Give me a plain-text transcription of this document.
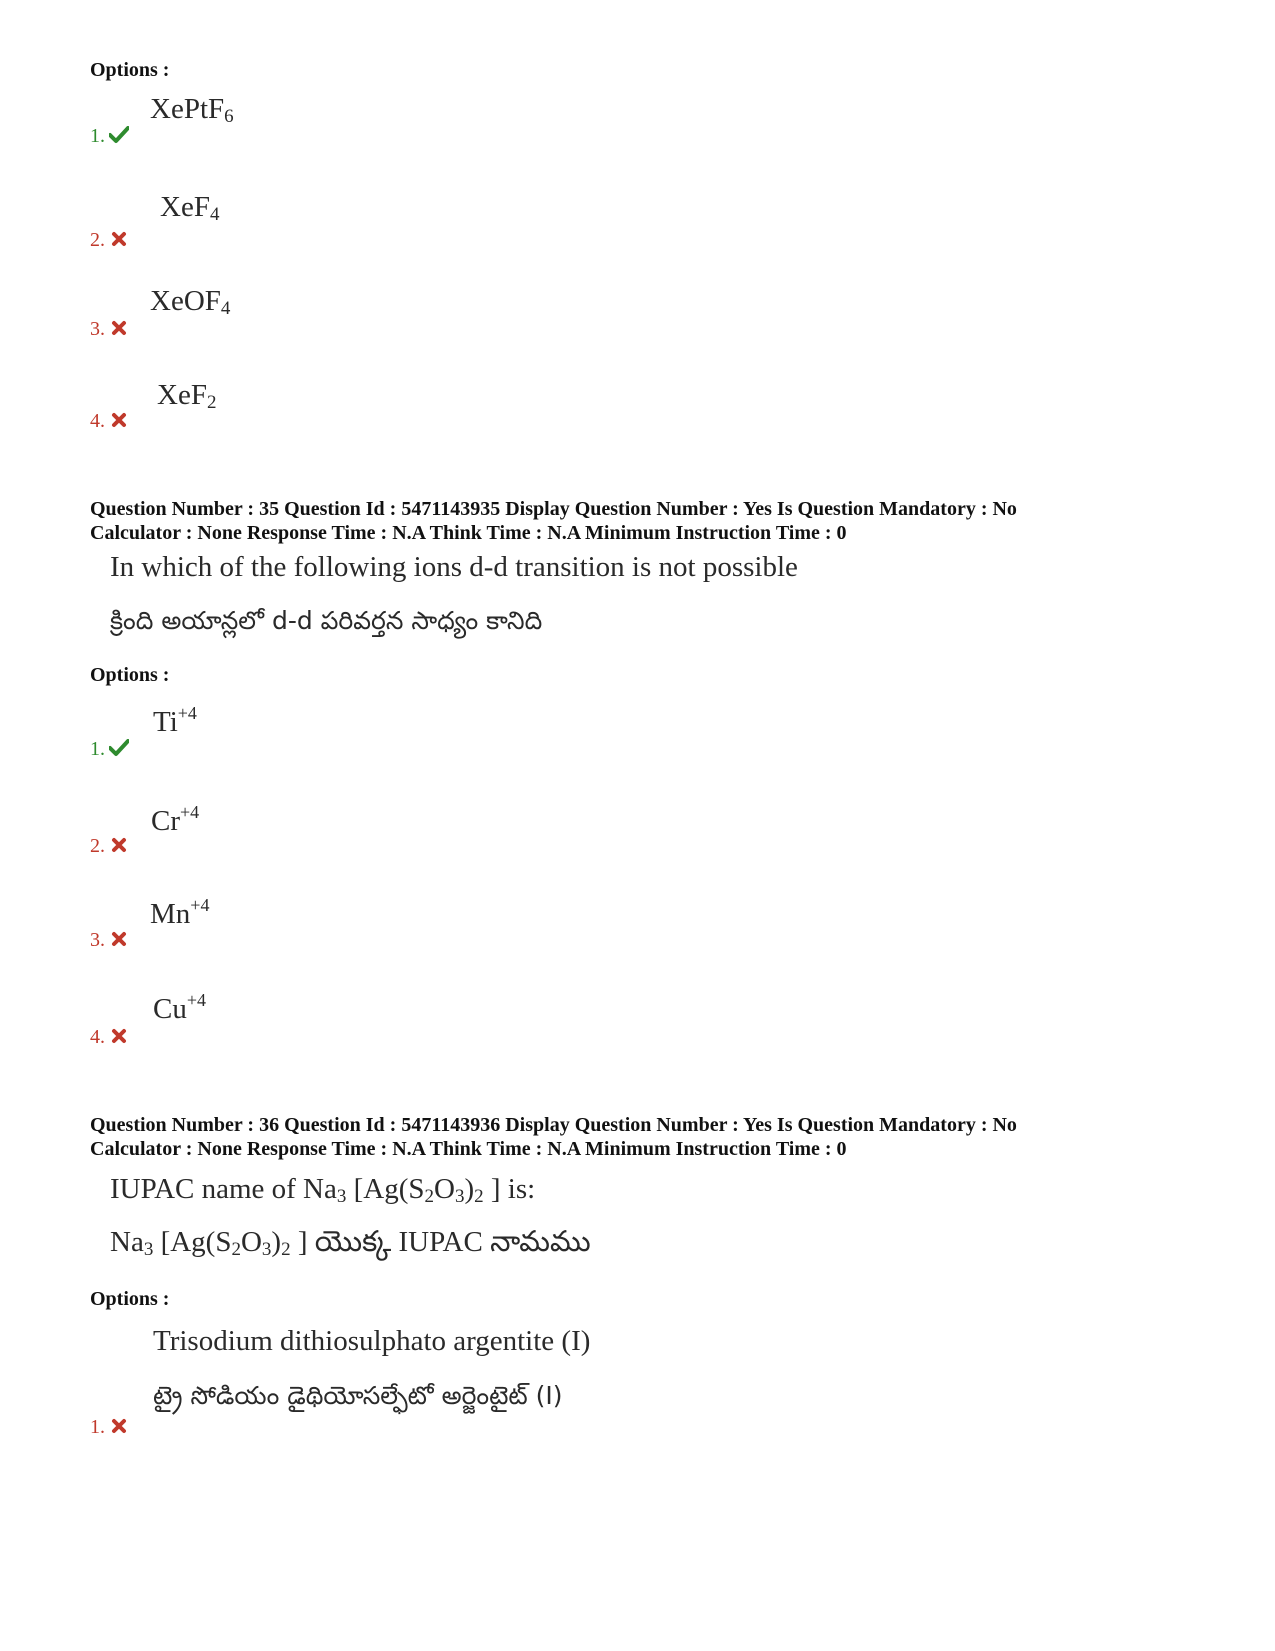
Options :
XePtF$_6$
1.
XeF$_4$
2.
XeOF$_4$
3.
XeF$_2$
4.
Question Number : 35 Question Id : 5471143935 Display Question Number : Yes Is Question Mandatory : No
Calculator : None Response Time : N.A Think Time : N.A Minimum Instruction Time : 0
In which of the following ions d-d transition is not possible
క్రింది అయాన్లలో d-d పరివర్తన సాధ్యం కానిది
Options :
$Ti^{+4}$
1.
$Cr^{+4}$
2.
$Mn^{+4}$
3.
$Cu^{+4}$
4.
Question Number : 36 Question Id : 5471143936 Display Question Number : Yes Is Question Mandatory : No
Calculator : None Response Time : N.A Think Time : N.A Minimum Instruction Time : 0
IUPAC name of $Na_3$ [$Ag(S_2O_3)_2$ ] is:
$Na_3$ [$Ag(S_2O_3)_2$ ] యొక్క IUPAC నామము
Options :
Trisodium dithiosulphato argentite (I)
ట్రై సోడియం డైథియోసల్ఫేటో అర్జెంటైట్ (I)
1.
